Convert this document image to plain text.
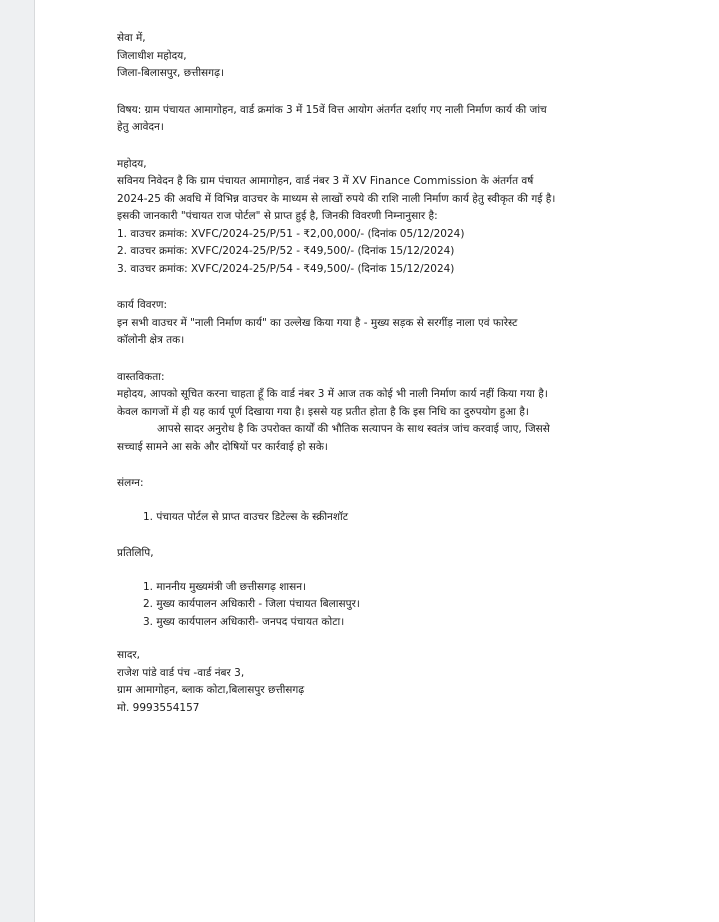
सेवा में,

जिलाधीश महोदय,

जिला-बिलासपुर, छत्तीसगढ़।

विषय: ग्राम पंचायत आमागोहन, वार्ड क्रमांक 3 में 15वें वित्त आयोग अंतर्गत दर्शाए गए नाली निर्माण कार्य की जांच

हेतु आवेदन।

महोदय,

सविनय निवेदन है कि ग्राम पंचायत आमागोहन, वार्ड नंबर 3 में XV Finance Commission के अंतर्गत वर्ष

2024-25 की अवधि में विभिन्न वाउचर के माध्यम से लाखों रुपये की राशि नाली निर्माण कार्य हेतु स्वीकृत की गई है।

इसकी जानकारी "पंचायत राज पोर्टल" से प्राप्त हुई है, जिनकी विवरणी निम्नानुसार है:

1. वाउचर क्रमांक: XVFC/2024-25/P/51 - ₹2,00,000/- (दिनांक 05/12/2024)
2. वाउचर क्रमांक: XVFC/2024-25/P/52 - ₹49,500/- (दिनांक 15/12/2024)
3. वाउचर क्रमांक: XVFC/2024-25/P/54 - ₹49,500/- (दिनांक 15/12/2024)

कार्य विवरण:

इन सभी वाउचर में "नाली निर्माण कार्य" का उल्लेख किया गया है - मुख्य सड़क से सरगींड़ नाला एवं फारेस्ट

कॉलोनी क्षेत्र तक।

वास्तविकता:

महोदय, आपको सूचित करना चाहता हूँ कि वार्ड नंबर 3 में आज तक कोई भी नाली निर्माण कार्य नहीं किया गया है।

केवल कागजों में ही यह कार्य पूर्ण दिखाया गया है। इससे यह प्रतीत होता है कि इस निधि का दुरुपयोग हुआ है।

आपसे सादर अनुरोध है कि उपरोक्त कार्यों की भौतिक सत्यापन के साथ स्वतंत्र जांच करवाई जाए, जिससे

सच्चाई सामने आ सके और दोषियों पर कार्रवाई हो सके।

संलग्न:

1. पंचायत पोर्टल से प्राप्त वाउचर डिटेल्स के स्क्रीनशॉट

प्रतिलिपि,

1. माननीय मुख्यमंत्री जी छत्तीसगढ़ शासन।

2. मुख्य कार्यपालन अधिकारी - जिला पंचायत बिलासपुर।

3. मुख्य कार्यपालन अधिकारी- जनपद पंचायत कोटा।

सादर,

राजेश पांडे वार्ड पंच -वार्ड नंबर 3,

ग्राम आमागोहन, ब्लाक कोटा,बिलासपुर छत्तीसगढ़

मो. 9993554157
